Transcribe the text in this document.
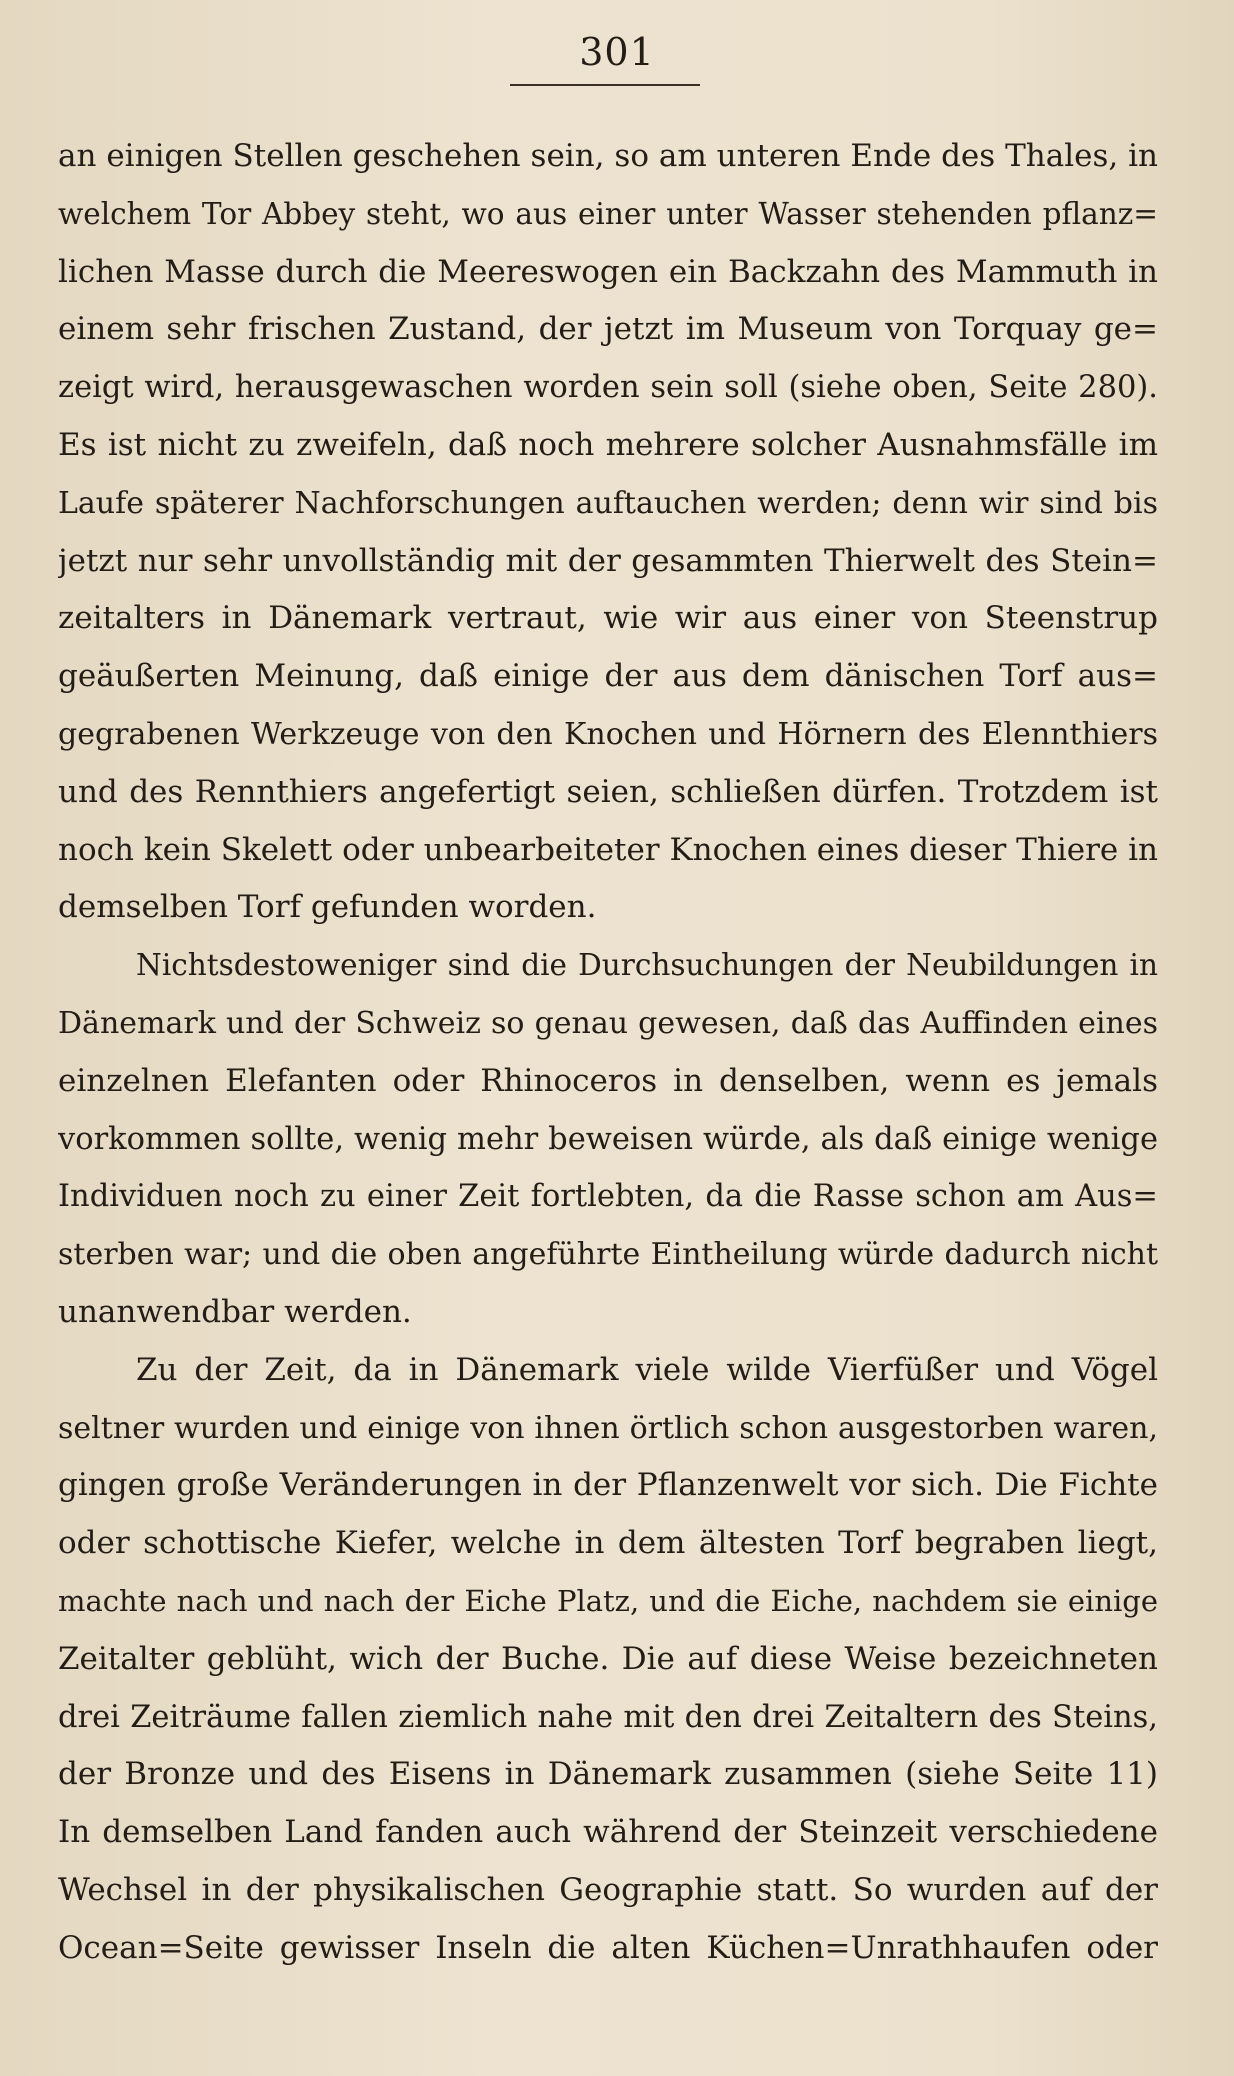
301
an einigen Stellen geschehen sein, so am unteren Ende des Thales, in
welchem Tor Abbey steht, wo aus einer unter Wasser stehenden pflanz=
lichen Masse durch die Meereswogen ein Backzahn des Mammuth in
einem sehr frischen Zustand, der jetzt im Museum von Torquay ge=
zeigt wird, herausgewaschen worden sein soll (siehe oben, Seite 280).
Es ist nicht zu zweifeln, daß noch mehrere solcher Ausnahmsfälle im
Laufe späterer Nachforschungen auftauchen werden; denn wir sind bis
jetzt nur sehr unvollständig mit der gesammten Thierwelt des Stein=
zeitalters in Dänemark vertraut, wie wir aus einer von Steenstrup
geäußerten Meinung, daß einige der aus dem dänischen Torf aus=
gegrabenen Werkzeuge von den Knochen und Hörnern des Elennthiers
und des Rennthiers angefertigt seien, schließen dürfen. Trotzdem ist
noch kein Skelett oder unbearbeiteter Knochen eines dieser Thiere in
demselben Torf gefunden worden.
Nichtsdestoweniger sind die Durchsuchungen der Neubildungen in
Dänemark und der Schweiz so genau gewesen, daß das Auffinden eines
einzelnen Elefanten oder Rhinoceros in denselben, wenn es jemals
vorkommen sollte, wenig mehr beweisen würde, als daß einige wenige
Individuen noch zu einer Zeit fortlebten, da die Rasse schon am Aus=
sterben war; und die oben angeführte Eintheilung würde dadurch nicht
unanwendbar werden.
Zu der Zeit, da in Dänemark viele wilde Vierfüßer und Vögel
seltner wurden und einige von ihnen örtlich schon ausgestorben waren,
gingen große Veränderungen in der Pflanzenwelt vor sich. Die Fichte
oder schottische Kiefer, welche in dem ältesten Torf begraben liegt,
machte nach und nach der Eiche Platz, und die Eiche, nachdem sie einige
Zeitalter geblüht, wich der Buche. Die auf diese Weise bezeichneten
drei Zeiträume fallen ziemlich nahe mit den drei Zeitaltern des Steins,
der Bronze und des Eisens in Dänemark zusammen (siehe Seite 11)
In demselben Land fanden auch während der Steinzeit verschiedene
Wechsel in der physikalischen Geographie statt. So wurden auf der
Ocean=Seite gewisser Inseln die alten Küchen=Unrathhaufen oder
